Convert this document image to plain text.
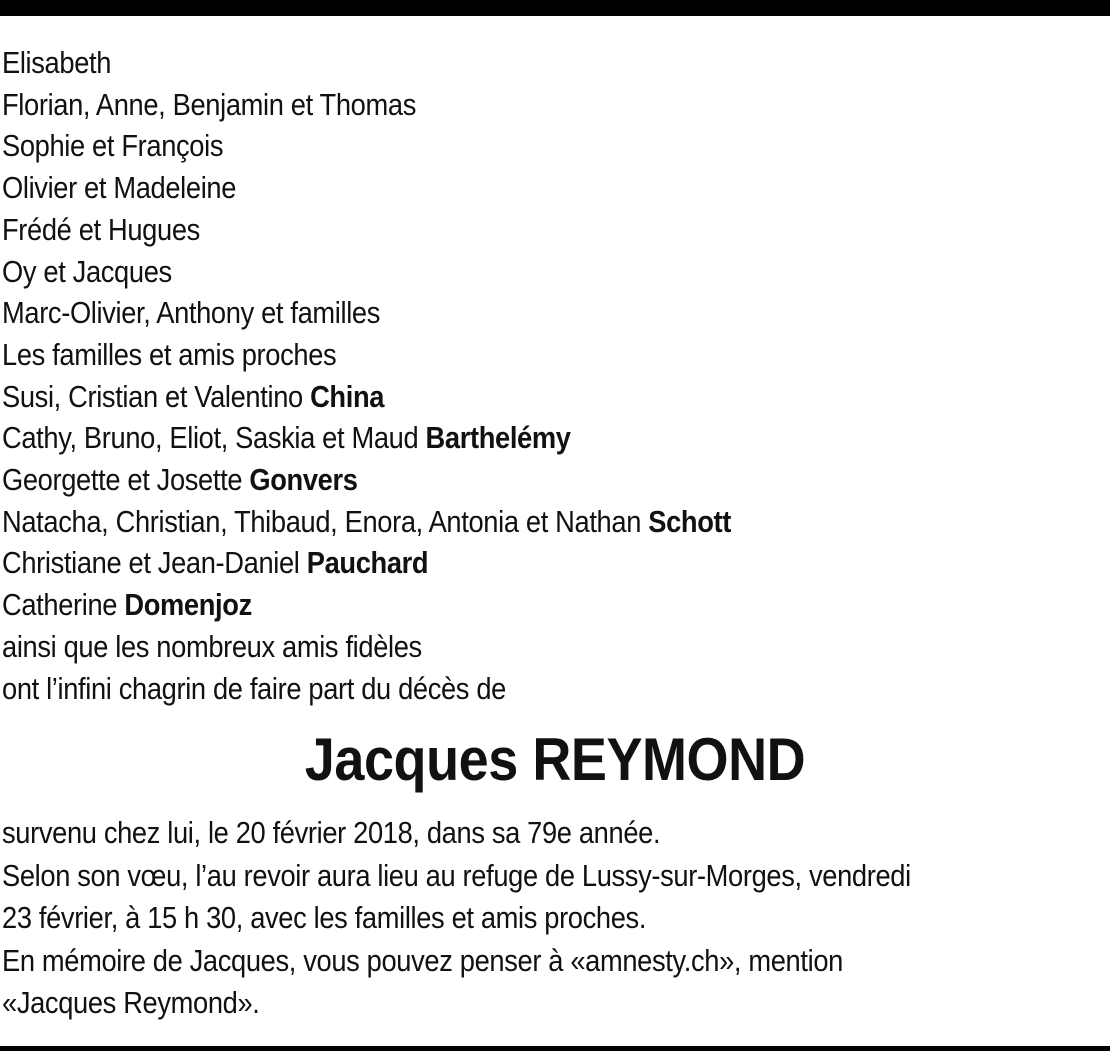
Elisabeth
Florian, Anne, Benjamin et Thomas
Sophie et François
Olivier et Madeleine
Frédé et Hugues
Oy et Jacques
Marc-Olivier, Anthony et familles
Les familles et amis proches
Susi, Cristian et Valentino China
Cathy, Bruno, Eliot, Saskia et Maud Barthelémy
Georgette et Josette Gonvers
Natacha, Christian, Thibaud, Enora, Antonia et Nathan Schott
Christiane et Jean-Daniel Pauchard
Catherine Domenjoz
ainsi que les nombreux amis fidèles
ont l’infini chagrin de faire part du décès de
Jacques REYMOND
survenu chez lui, le 20 février 2018, dans sa 79e année.
Selon son vœu, l’au revoir aura lieu au refuge de Lussy-sur-Morges, vendredi
23 février, à 15 h 30, avec les familles et amis proches.
En mémoire de Jacques, vous pouvez penser à «amnesty.ch», mention
«Jacques Reymond».
